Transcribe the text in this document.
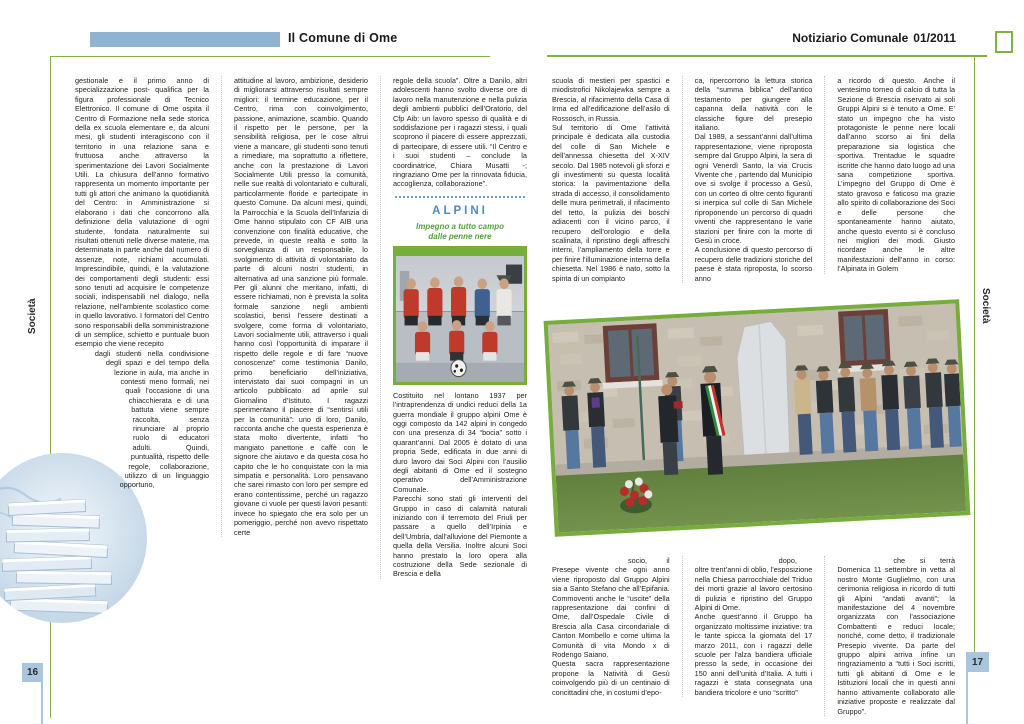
Il Comune di Ome	Notiziario Comunale 01/2011
Società	Società
16
17

gestionale e il primo anno di specializzazione post- qualifica per la figura professionale di Tecnico Elettronico. Il comune di Ome ospita il Centro di Formazione nella sede storica della ex scuola elementare e, da alcuni mesi, gli studenti interagiscono con il territorio in una relazione sana e fruttuosa anche attraverso la sperimentazione dei Lavori Socialmente Utili. La chiusura dell’anno formativo rappresenta un momento importante per tutti gli attori che animano la quotidianità del Centro: in Amministrazione si elaborano i dati che concorrono alla definizione della valutazione di ogni studente, fondata naturalmente sui risultati ottenuti nelle diverse materie, ma determinata in parte anche dal numero di assenze, note, richiami accumulati. Imprescindibile, quindi, è la valutazione dei comportamenti degli studenti: essi sono tenuti ad acquisire le competenze sociali, indispensabili nel dialogo, nella relazione, nell’ambiente scolastico come in quello lavorativo. I formatori del Centro sono responsabili della somministrazione di un semplice, schietto e puntuale buon esempio che viene recepito

dagli studenti nella condivisione degli spazi e del tempo della lezione in aula, ma anche in contesti meno formali, nei quali l’occasione di una chiacchierata e di una battuta viene sempre raccolta, senza rinunciare al proprio ruolo di educatori adulti. Quindi, puntualità, rispetto delle regole, collaborazione, utilizzo di un linguaggio opportuno,

attitudine al lavoro, ambizione, desiderio di migliorarsi attraverso risultati sempre migliori: il termine educazione, per il Centro, rima con coinvolgimento, passione, animazione, scambio. Quando il rispetto per le persone, per la sensibilità religiosa, per le cose altrui viene a mancare, gli studenti sono tenuti a rimediare, ma soprattutto a riflettere, anche con la prestazione di Lavori Socialmente Utili presso la comunità, nelle sue realtà di volontariato e culturali, particolarmente floride e partecipate in questo Comune. Da alcuni mesi, quindi, la Parrocchia e la Scuola dell’Infanzia di Ome hanno stipulato con CF AIB una convenzione con finalità educative, che prevede, in queste realtà e sotto la sorveglianza di un responsabile, lo svolgimento di attività di volontariato da parte di alcuni nostri studenti, in alternativa ad una sanzione più formale. Per gli alunni che meritano, infatti, di essere richiamati, non è prevista la solita formale sanzione negli ambienti scolastici, bensì l’essere destinati a svolgere, come forma di volontariato, Lavori socialmente utili, attraverso i quali hanno così l’opportunità di imparare il rispetto delle regole e di fare “nuove conoscenze” come testimonia Danilo, primo beneficiario dell’iniziativa, intervistato dai suoi compagni in un articolo pubblicato ad aprile sul Giornalino d’Istituto. I ragazzi sperimentano il piacere di “sentirsi utili per la comunità”: uno di loro, Danilo, racconta anche che questa esperienza è stata molto divertente, infatti “ho mangiato panettone e caffè con le signore che aiutavo e da questa cosa ho capito che le ho conquistate con la mia simpatia e personalità. Loro pensavano che sarei rimasto con loro per sempre ed erano contentissime, perché un ragazzo giovane ci vuole per questi lavori pesanti: invece ho spiegato che era solo per un pomeriggio, perché non avevo rispettato certe

regole della scuola”. Oltre a Danilo, altri adolescenti hanno svolto diverse ore di lavoro nella manutenzione e nella pulizia degli ambienti pubblici dell’Oratorio, del Cfp Aib: un lavoro spesso di qualità e di soddisfazione per i ragazzi stessi, i quali scoprono il piacere di essere apprezzati, di partecipare, di essere utili. “Il Centro e i suoi studenti – conclude la coordinatrice, Chiara Musatti -; ringraziano Ome per la rinnovata fiducia, accoglienza, collaborazione”.

ALPINI
Impegno a tutto campo dalle penne nere

Costituito nel lontano 1937 per l’intraprendenza di undici reduci della 1a guerra mondiale il gruppo alpini Ome è oggi composto da 142 alpini in congedo con una presenza di 34 “bocia” sotto i quarant’anni. Dal 2005 è dotato di una propria Sede, edificata in due anni di duro lavoro dai Soci Alpini con l’ausilio degli abitanti di Ome ed il sostegno operativo dell’Amministrazione Comunale.

Parecchi sono stati gli interventi del Gruppo in caso di calamità naturali iniziando con il terremoto del Friuli per passare a quello dell’Irpinia e dell’Umbria, dall’alluvione del Piemonte a quella della Versilia. Inoltre alcuni Soci hanno prestato la loro opera alla costruzione della Sede sezionale di Brescia e della

scuola di mestieri per spastici e miodistrofici Nikolajewka sempre a Brescia, al rifacimento della Casa di Irma ed all’edificazione dell’asilo di Rossosch, in Russia.

Sul territorio di Ome l’attività principale è dedicata alla custodia del colle di San Michele e dell’annessa chiesetta del X-XIV secolo. Dal 1985 notevoli gli sforzi e gli investimenti su questa località storica: la pavimentazione della strada di accesso, il consolidamento delle mura perimetrali, il rifacimento del tetto, la pulizia dei boschi adiacenti con il vicino parco, il recupero dell’orologio e della scalinata, il ripristino degli affreschi interni, l’ampliamento della torre e per finire l’illuminazione interna della chiesetta. Nel 1986 è nato, sotto la spinta di un compianto

ca, ripercorrono la lettura storica della “summa biblica” dell’antico testamento per giungere alla capanna della natività con le classiche figure del presepio italiano.

Dal 1989, a sessant’anni dall’ultima rappresentazione, viene riproposta sempre dal Gruppo Alpini, la sera di ogni Venerdì Santo, la via Crucis Vivente che , partendo dal Municipio ove si svolge il processo a Gesù, con un corteo di oltre cento figuranti si inerpica sul colle di San Michele riproponendo un percorso di quadri viventi che rappresentano le varie stazioni per finire con la morte di Gesù in croce.

A conclusione di questo percorso di recupero delle tradizioni storiche del paese è stata riproposta, lo scorso anno

a ricordo di questo. Anche il ventesimo torneo di calcio di tutta la Sezione di Brescia riservato ai soli Gruppi Alpini si è tenuto a Ome. E’ stato un impegno che ha visto protagoniste le penne nere locali dall’anno scorso ai fini della preparazione sia logistica che sportiva. Trentadue le squadre iscritte che hanno dato luogo ad una sana competizione sportiva. L’impegno del Gruppo di Ome è stato gravoso e faticoso ma grazie allo spirito di collaborazione dei Soci e delle persone che spontaneamente hanno aiutato, anche questo evento si è concluso nei migliori dei modi. Giusto ricordare anche le altre manifestazioni dell’anno in corso: l’Alpinata in Golem

socio, il Presepe vivente che ogni anno viene riproposto dal Gruppo Alpini sia a Santo Stefano che all’Epifania. Commoventi anche le “uscite” della rappresentazione dai confini di Ome, dall’Ospedale Civile di Brescia alla Casa circondariale di Canton Mombello e come ultima la Comunità di vita Mondo x di Rodengo Saiano.

Questa sacra rappresentazione propone la Natività di Gesù coinvolgendo più di un centinaio di concittadini che, in costumi d’epo-

dopo, oltre trent’anni di oblio, l’esposizione nella Chiesa parrocchiale del Triduo dei morti grazie al lavoro certosino di pulizia e ripristino del Gruppo Alpini di Ome.

Anche quest’anno il Gruppo ha organizzato moltissime iniziative: tra le tante spicca la giornata del 17 marzo 2011, con i ragazzi delle scuole per l’alza bandiera ufficiale presso la sede, in occasione dei 150 anni dell’unità d’Italia. A tutti i ragazzi è stata consegnata una bandiera tricolore e uno “scritto”

che si terrà Domenica 11 settembre in vetta al nostro Monte Guglielmo, con una cerimonia religiosa in ricordo di tutti gli Alpini “andati avanti”; la manifestazione del 4 novembre organizzata con l’associazione Combattenti e reduci locale; nonché, come detto, il tradizionale Presepio vivente. Da parte del gruppo alpini arriva infine un ringraziamento a “tutti i Soci iscritti, tutti gli abitanti di Ome e le Istituzioni locali che in questi anni hanno attivamente collaborato alle iniziative proposte e realizzate dal Gruppo”.
